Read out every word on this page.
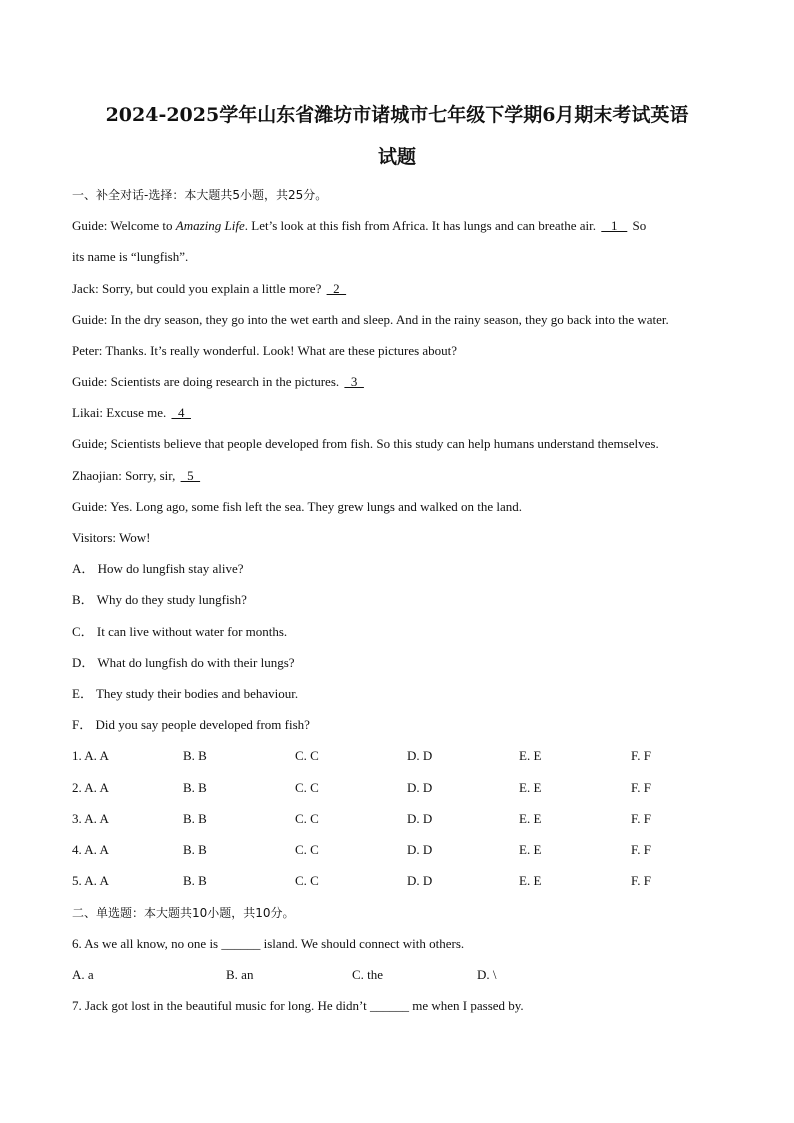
2024-2025学年山东省潍坊市诸城市七年级下学期6月期末考试英语
试题
一、补全对话-选择：本大题共5小题，共25分。
Guide: Welcome to Amazing Life. Let’s look at this fish from Africa. It has lungs and can breathe air.    1    So
its name is “lungfish”.
Jack: Sorry, but could you explain a little more?   2
Guide: In the dry season, they go into the wet earth and sleep. And in the rainy season, they go back into the water.
Peter: Thanks. It’s really wonderful. Look! What are these pictures about?
Guide: Scientists are doing research in the pictures.   3
Likai: Excuse me.   4
Guide; Scientists believe that people developed from fish. So this study can help humans understand themselves.
Zhaojian: Sorry, sir,   5
Guide: Yes. Long ago, some fish left the sea. They grew lungs and walked on the land.
Visitors: Wow!
A． How do lungfish stay alive?
B． Why do they study lungfish?
C． It can live without water for months.
D． What do lungfish do with their lungs?
E． They study their bodies and behaviour.
F． Did you say people developed from fish?
1. A. A	B. B	C. C	D. D	E. E	F. F
2. A. A	B. B	C. C	D. D	E. E	F. F
3. A. A	B. B	C. C	D. D	E. E	F. F
4. A. A	B. B	C. C	D. D	E. E	F. F
5. A. A	B. B	C. C	D. D	E. E	F. F
二、单选题：本大题共10小题，共10分。
6. As we all know, no one is ______ island. We should connect with others.
A. a	B. an	C. the	D. \
7. Jack got lost in the beautiful music for long. He didn’t ______ me when I passed by.
